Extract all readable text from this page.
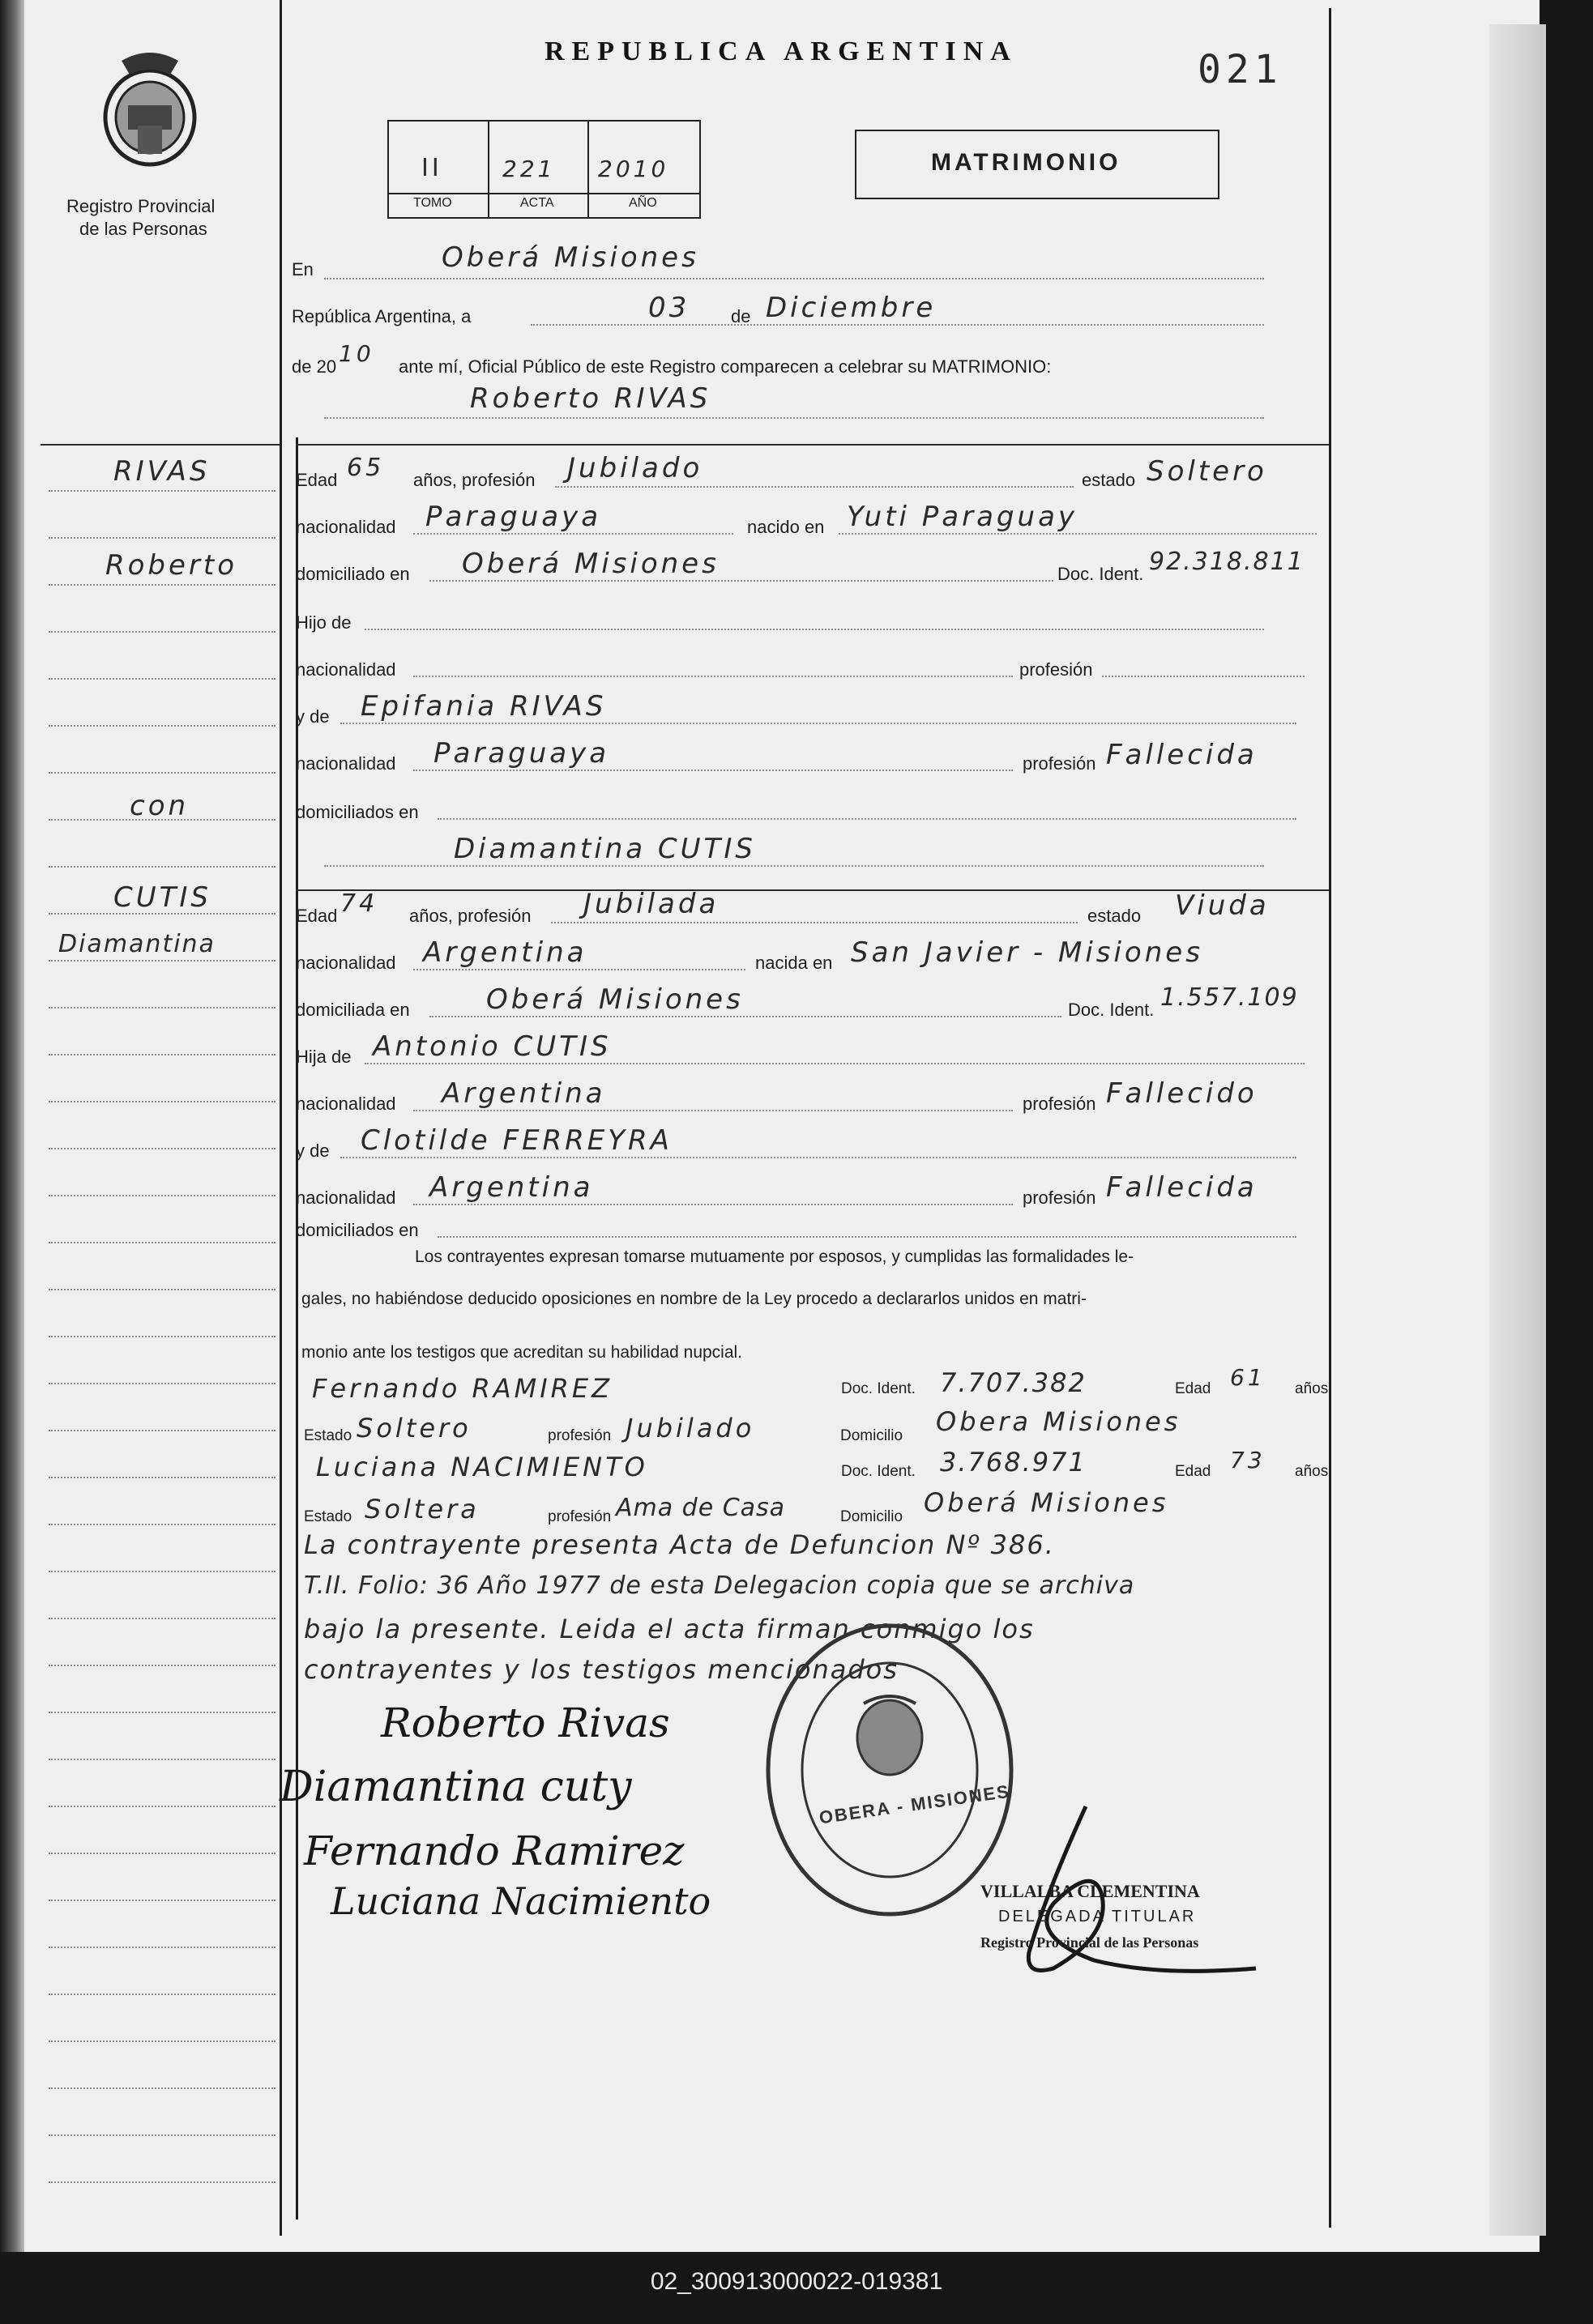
Registro Provincial
de las Personas
REPUBLICA ARGENTINA	021
II	221 2010
TOMO	ACTA	AÑO
MATRIMONIO
En	Oberá Misiones
República Argentina, a	03 de Diciembre
de 20 10 ante mí, Oficial Público de este Registro comparecen a celebrar su MATRIMONIO:
Roberto RIVAS
RIVAS
Roberto
con
CUTIS
Diamantina
Edad 65 años, profesión Jubilado	estado Soltero
nacionalidad Paraguaya	nacido en Yuti Paraguay
domiciliado en Oberá Misiones	Doc. Ident. 92.318.811
Hijo de
nacionalidad	profesión
y de Epifania RIVAS
nacionalidad Paraguaya	profesión Fallecida
domiciliados en
Diamantina CUTIS
Edad 74 años, profesión Jubilada	estado Viuda
nacionalidad Argentina	nacida en San Javier - Misiones
domiciliada en	Oberá Misiones	Doc. Ident. 1.557.109
Hija de Antonio CUTIS
nacionalidad Argentina	profesión Fallecido
y de Clotilde FERREYRA
nacionalidad Argentina	profesión Fallecida
domiciliados en
Los contrayentes expresan tomarse mutuamente por esposos, y cumplidas las formalidades le-
gales, no habiéndose deducido oposiciones en nombre de la Ley procedo a declararlos unidos en matri-
monio ante los testigos que acreditan su habilidad nupcial.
Fernando RAMIREZ	Doc. Ident. 7.707.382	Edad 61 años
Estado Soltero	profesión Jubilado	Domicilio Obera Misiones
Luciana NACIMIENTO	Doc. Ident. 3.768.971	Edad 73 años
Estado Soltera	profesión Ama de Casa	Domicilio Oberá Misiones
La contrayente presenta Acta de Defuncion Nº 386.
T.II. Folio: 36 Año 1977 de esta Delegacion copia que se archiva
bajo la presente. Leida el acta firman conmigo los
contrayentes y los testigos mencionados
Roberto Rivas
Diamantina cuty
Fernando Ramirez
Luciana Nacimiento
OBERA - MISIONES
VILLALBA CLEMENTINA
DELEGADA TITULAR
Registro Provincial de las Personas
02_300913000022-019381
